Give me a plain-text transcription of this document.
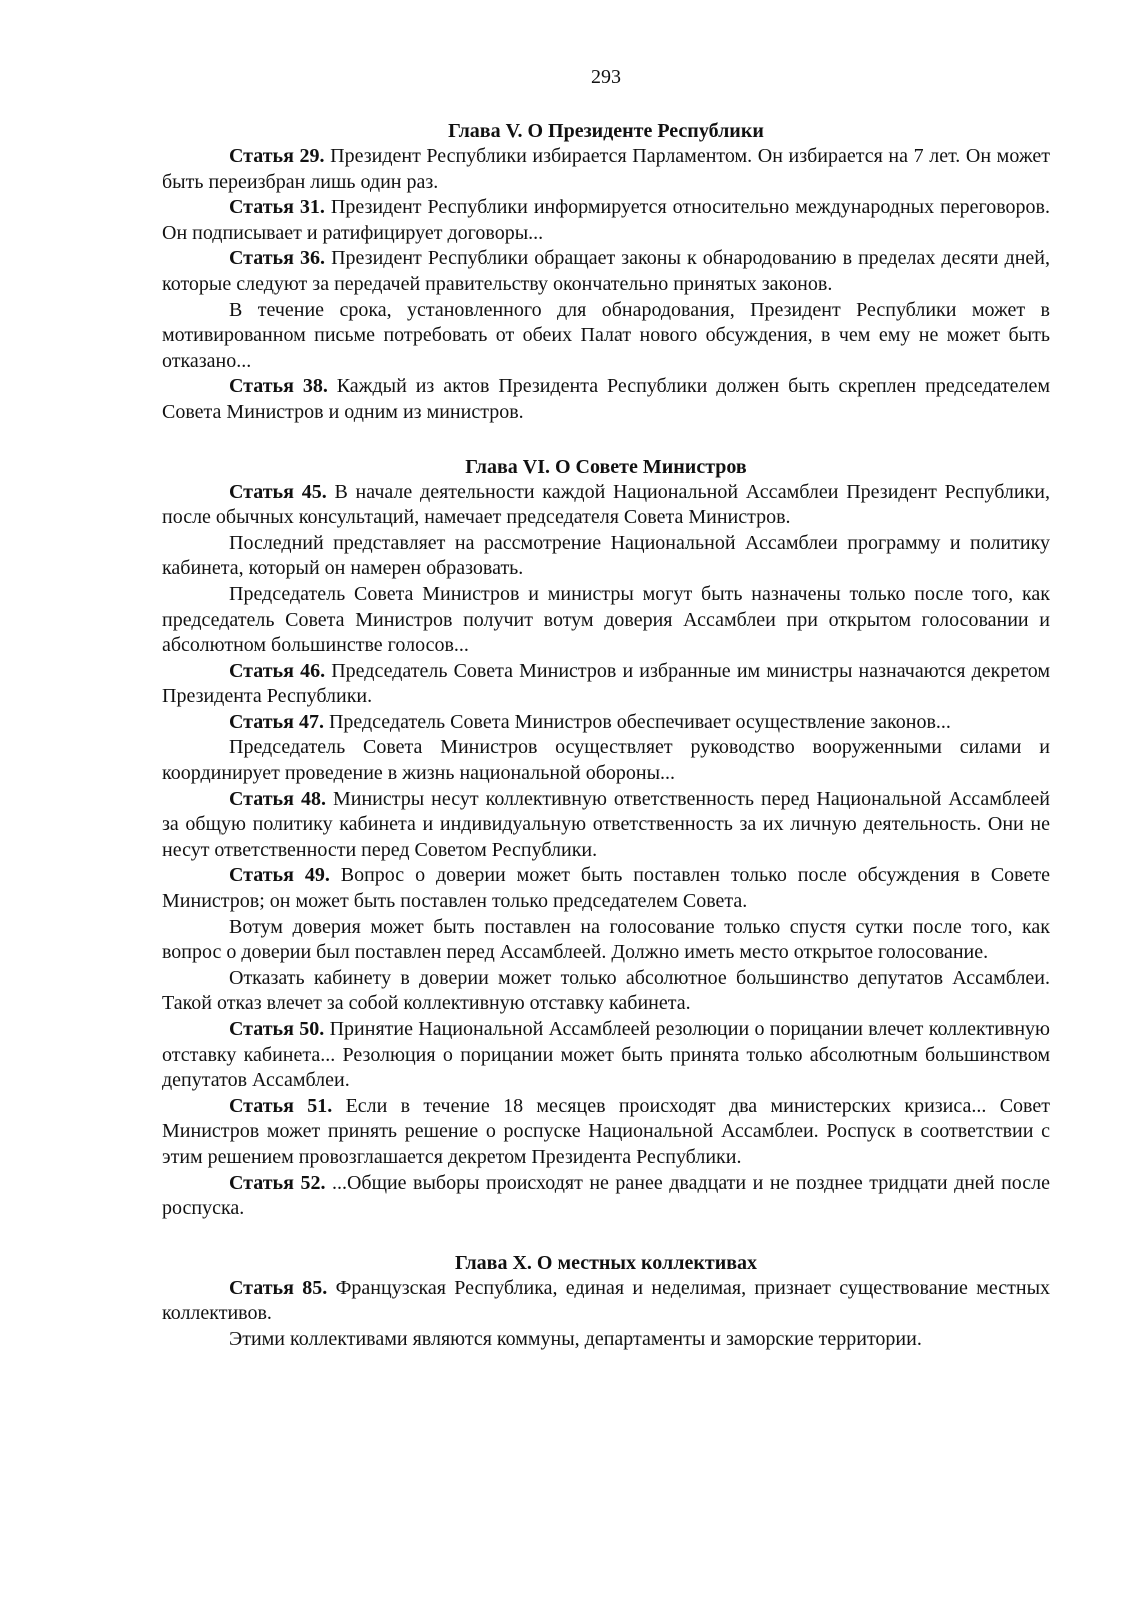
293
Глава V. О Президенте Республики

Статья 29. Президент Республики избирается Парламентом. Он избирается на 7 лет. Он может быть переизбран лишь один раз.

Статья 31. Президент Республики информируется относительно международных переговоров. Он подписывает и ратифицирует договоры...

Статья 36. Президент Республики обращает законы к обнародованию в пределах десяти дней, которые следуют за передачей правительству окончательно принятых законов.

В течение срока, установленного для обнародования, Президент Республики может в мотивированном письме потребовать от обеих Палат нового обсуждения, в чем ему не может быть отказано...

Статья 38. Каждый из актов Президента Республики должен быть скреплен председателем Совета Министров и одним из министров.

Глава VI. О Совете Министров

Статья 45. В начале деятельности каждой Национальной Ассамблеи Президент Республики, после обычных консультаций, намечает председателя Совета Министров.

Последний представляет на рассмотрение Национальной Ассамблеи программу и политику кабинета, который он намерен образовать.

Председатель Совета Министров и министры могут быть назначены только после того, как председатель Совета Министров получит вотум доверия Ассамблеи при открытом голосовании и абсолютном большинстве голосов...

Статья 46. Председатель Совета Министров и избранные им министры назначаются декретом Президента Республики.

Статья 47. Председатель Совета Министров обеспечивает осуществление законов...

Председатель Совета Министров осуществляет руководство вооруженными силами и координирует проведение в жизнь национальной обороны...

Статья 48. Министры несут коллективную ответственность перед Национальной Ассамблеей за общую политику кабинета и индивидуальную ответственность за их личную деятельность. Они не несут ответственности перед Советом Республики.

Статья 49. Вопрос о доверии может быть поставлен только после обсуждения в Совете Министров; он может быть поставлен только председателем Совета.

Вотум доверия может быть поставлен на голосование только спустя сутки после того, как вопрос о доверии был поставлен перед Ассамблеей. Должно иметь место открытое голосование.

Отказать кабинету в доверии может только абсолютное большинство депутатов Ассамблеи. Такой отказ влечет за собой коллективную отставку кабинета.

Статья 50. Принятие Национальной Ассамблеей резолюции о порицании влечет коллективную отставку кабинета... Резолюция о порицании может быть принята только абсолютным большинством депутатов Ассамблеи.

Статья 51. Если в течение 18 месяцев происходят два министерских кризиса... Совет Министров может принять решение о роспуске Национальной Ассамблеи. Роспуск в соответствии с этим решением провозглашается декретом Президента Республики.

Статья 52. ...Общие выборы происходят не ранее двадцати и не позднее тридцати дней после роспуска.

Глава X. О местных коллективах

Статья 85. Французская Республика, единая и неделимая, признает существование местных коллективов.

Этими коллективами являются коммуны, департаменты и заморские территории.
